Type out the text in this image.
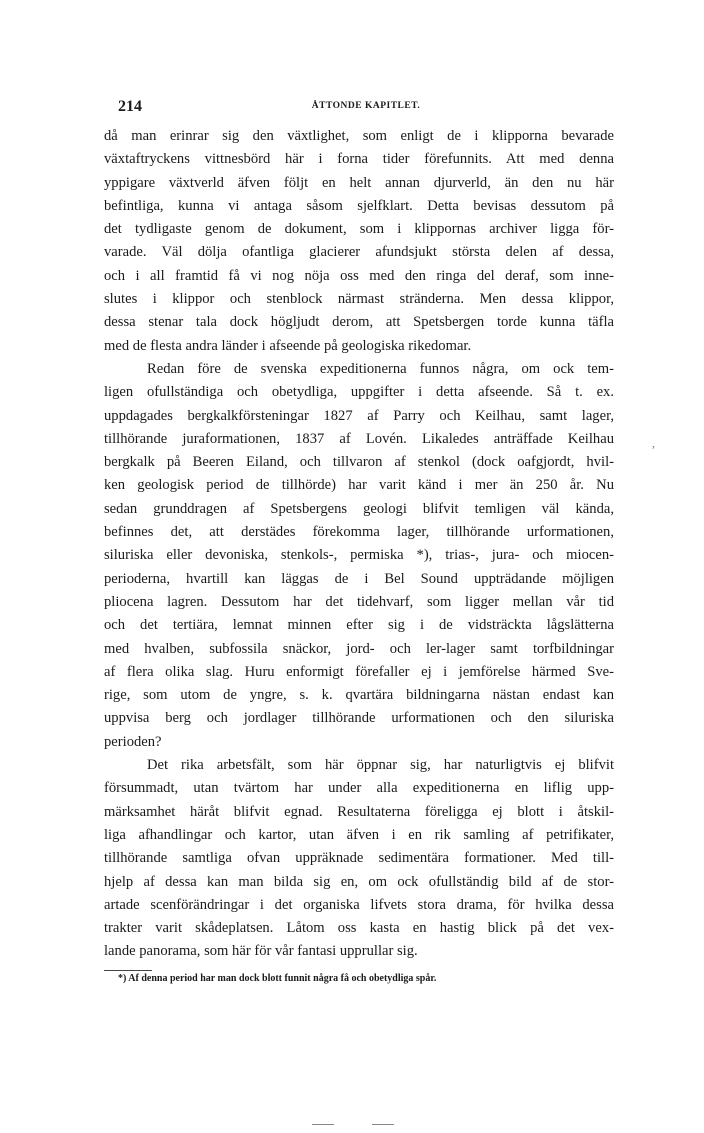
214	ÅTTONDE KAPITLET.
då man erinrar sig den växtlighet, som enligt de i klipporna bevarade
växtaftryckens vittnesbörd här i forna tider förefunnits. Att med denna
yppigare växtverld äfven följt en helt annan djurverld, än den nu här
befintliga, kunna vi antaga såsom sjelfklart. Detta bevisas dessutom på
det tydligaste genom de dokument, som i klippornas archiver ligga för-
varade. Väl dölja ofantliga glacierer afundsjukt största delen af dessa,
och i all framtid få vi nog nöja oss med den ringa del deraf, som inne-
slutes i klippor och stenblock närmast stränderna. Men dessa klippor,
dessa stenar tala dock högljudt derom, att Spetsbergen torde kunna täfla
med de flesta andra länder i afseende på geologiska rikedomar.
Redan före de svenska expeditionerna funnos några, om ock tem-
ligen ofullständiga och obetydliga, uppgifter i detta afseende. Så t. ex.
uppdagades bergkalkförsteningar 1827 af Parry och Keilhau, samt lager,
tillhörande juraformationen, 1837 af Lovén. Likaledes anträffade Keilhau
bergkalk på Beeren Eiland, och tillvaron af stenkol (dock oafgjordt, hvil-
ken geologisk period de tillhörde) har varit känd i mer än 250 år. Nu
sedan grunddragen af Spetsbergens geologi blifvit temligen väl kända,
befinnes det, att derstädes förekomma lager, tillhörande urformationen,
siluriska eller devoniska, stenkols-, permiska *), trias-, jura- och miocen-
perioderna, hvartill kan läggas de i Bel Sound uppträdande möjligen
pliocena lagren. Dessutom har det tidehvarf, som ligger mellan vår tid
och det tertiära, lemnat minnen efter sig i de vidsträckta lågslätterna
med hvalben, subfossila snäckor, jord- och ler-lager samt torfbildningar
af flera olika slag. Huru enformigt förefaller ej i jemförelse härmed Sve-
rige, som utom de yngre, s. k. qvartära bildningarna nästan endast kan
uppvisa berg och jordlager tillhörande urformationen och den siluriska
perioden?
Det rika arbetsfält, som här öppnar sig, har naturligtvis ej blifvit
försummadt, utan tvärtom har under alla expeditionerna en liflig upp-
märksamhet häråt blifvit egnad. Resultaterna föreligga ej blott i åtskil-
liga afhandlingar och kartor, utan äfven i en rik samling af petrifikater,
tillhörande samtliga ofvan uppräknade sedimentära formationer. Med till-
hjelp af dessa kan man bilda sig en, om ock ofullständig bild af de stor-
artade scenförändringar i det organiska lifvets stora drama, för hvilka dessa
trakter varit skådeplatsen. Låtom oss kasta en hastig blick på det vex-
lande panorama, som här för vår fantasi upprullar sig.
*) Af denna period har man dock blott funnit några få och obetydliga spår.
,
